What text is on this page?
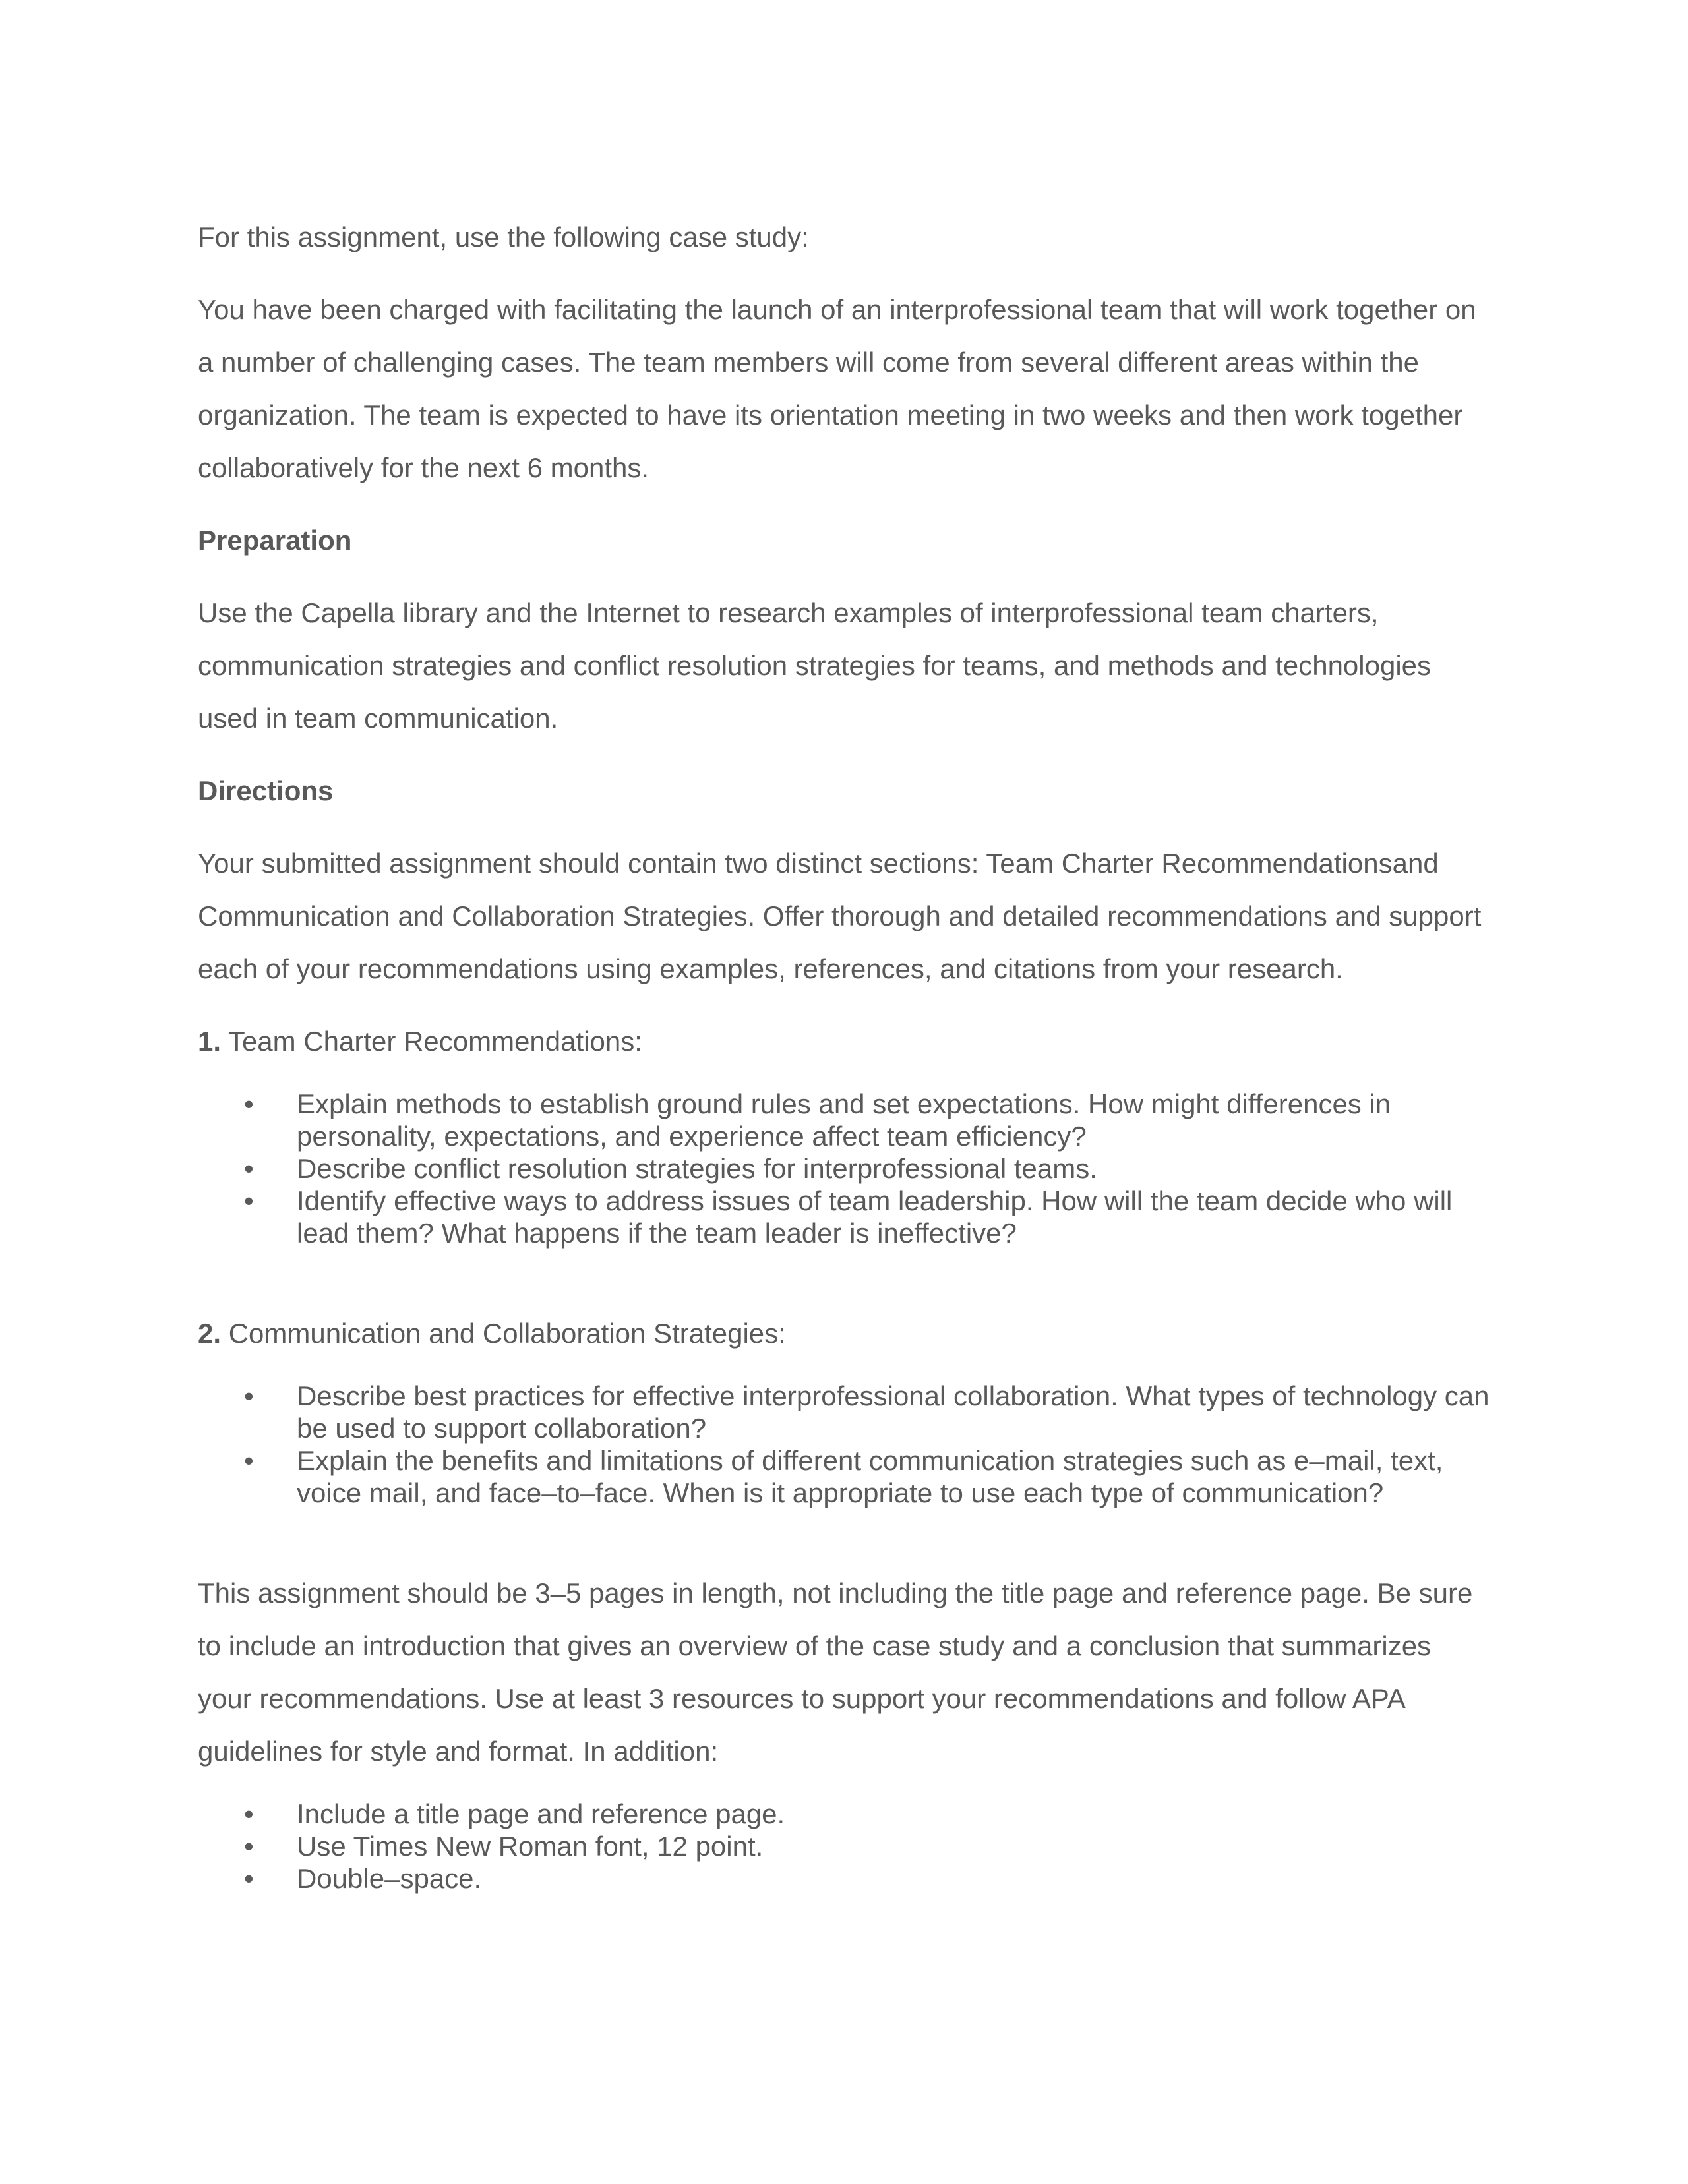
For this assignment, use the following case study:

You have been charged with facilitating the launch of an interprofessional team that will work together on a number of challenging cases. The team members will come from several different areas within the organization. The team is expected to have its orientation meeting in two weeks and then work together collaboratively for the next 6 months.

Preparation

Use the Capella library and the Internet to research examples of interprofessional team charters, communication strategies and conflict resolution strategies for teams, and methods and technologies used in team communication.

Directions

Your submitted assignment should contain two distinct sections: Team Charter Recommendationsand Communication and Collaboration Strategies. Offer thorough and detailed recommendations and support each of your recommendations using examples, references, and citations from your research.

1. Team Charter Recommendations:

• Explain methods to establish ground rules and set expectations. How might differences in personality, expectations, and experience affect team efficiency?
• Describe conflict resolution strategies for interprofessional teams.
• Identify effective ways to address issues of team leadership. How will the team decide who will lead them? What happens if the team leader is ineffective?

2. Communication and Collaboration Strategies:

• Describe best practices for effective interprofessional collaboration. What types of technology can be used to support collaboration?
• Explain the benefits and limitations of different communication strategies such as e–mail, text, voice mail, and face–to–face. When is it appropriate to use each type of communication?

This assignment should be 3–5 pages in length, not including the title page and reference page. Be sure to include an introduction that gives an overview of the case study and a conclusion that summarizes your recommendations. Use at least 3 resources to support your recommendations and follow APA guidelines for style and format. In addition:

• Include a title page and reference page.
• Use Times New Roman font, 12 point.
• Double–space.
